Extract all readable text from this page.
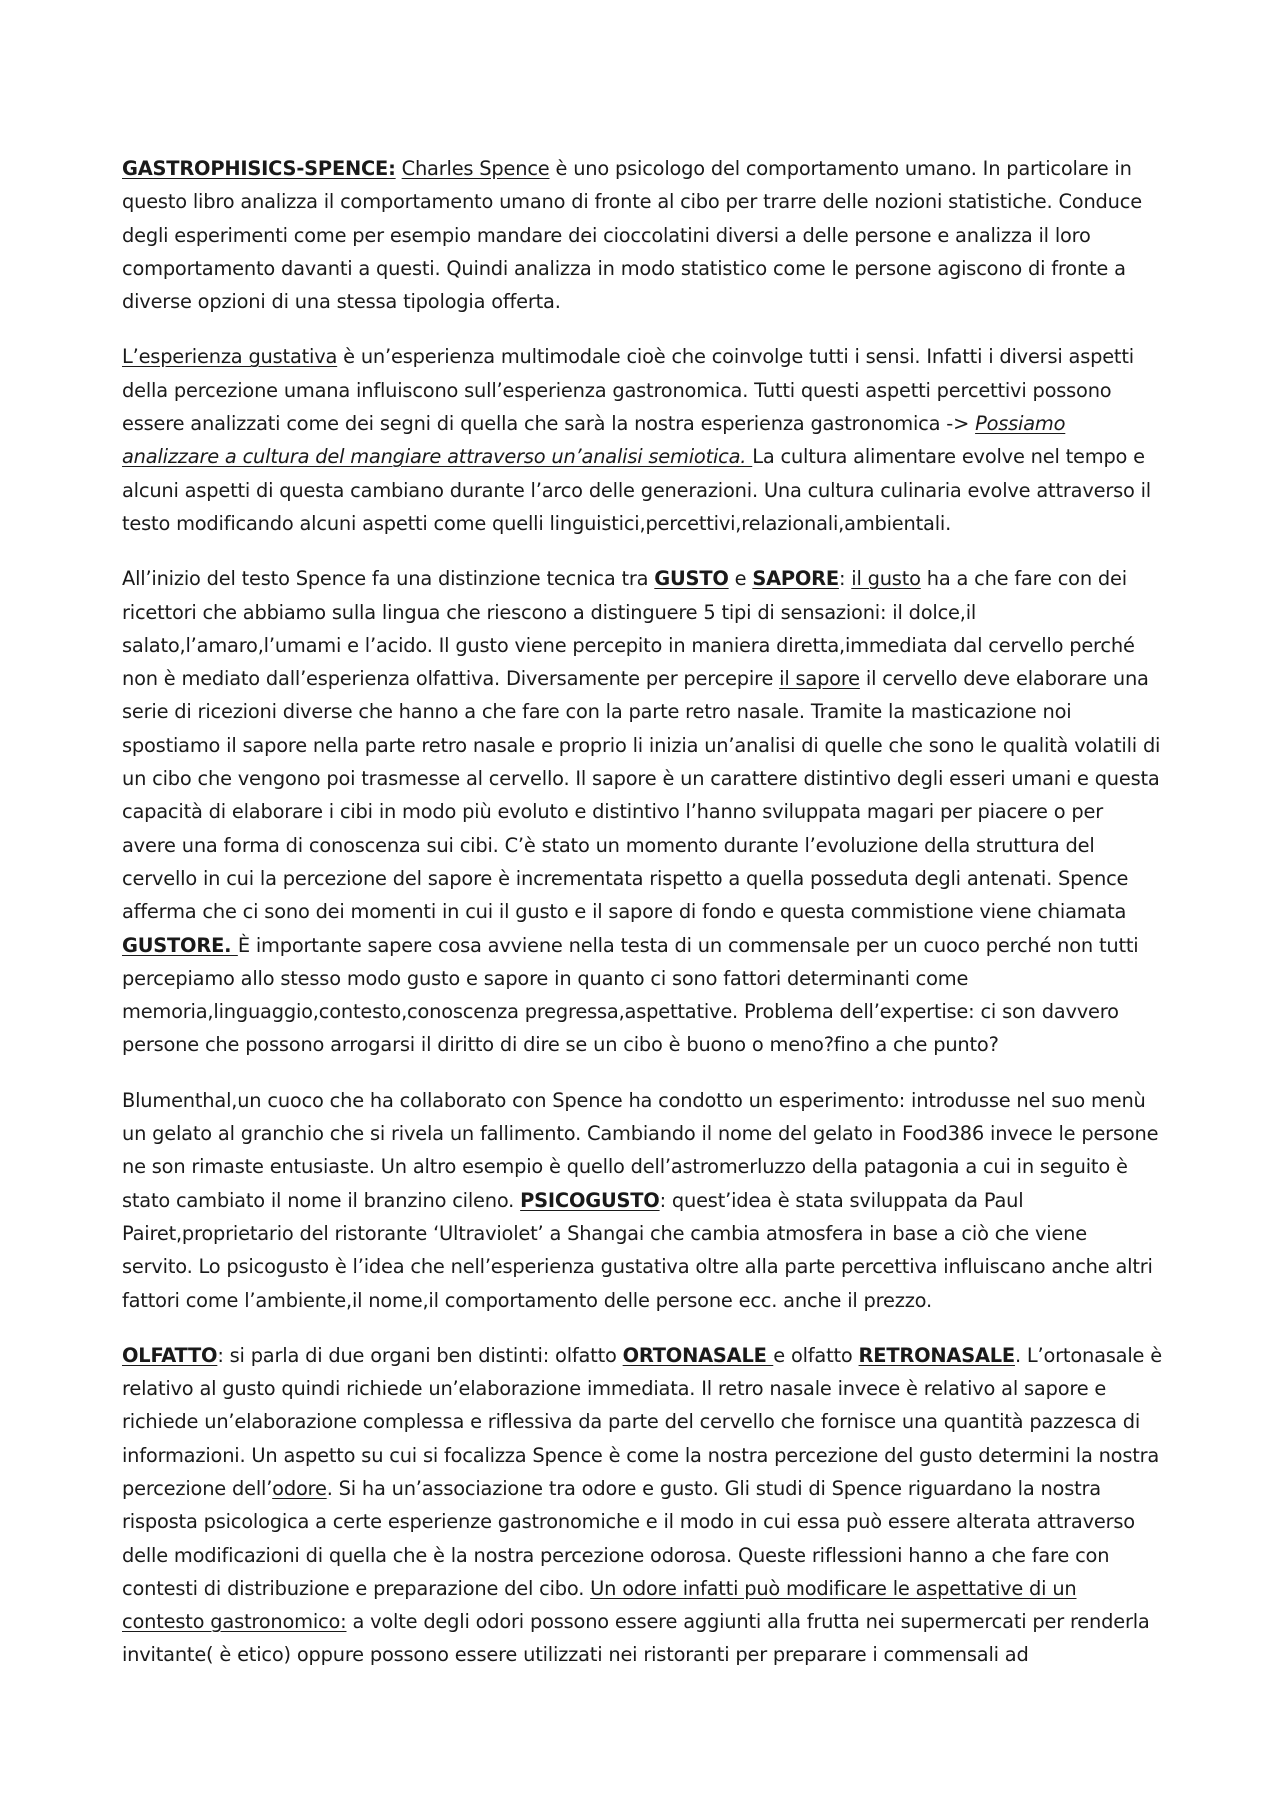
GASTROPHISICS-SPENCE: Charles Spence è uno psicologo del comportamento umano. In particolare in questo libro analizza il comportamento umano di fronte al cibo per trarre delle nozioni statistiche. Conduce degli esperimenti come per esempio mandare dei cioccolatini diversi a delle persone e analizza il loro comportamento davanti a questi. Quindi analizza in modo statistico come le persone agiscono di fronte a diverse opzioni di una stessa tipologia offerta.

L’esperienza gustativa è un’esperienza multimodale cioè che coinvolge tutti i sensi. Infatti i diversi aspetti della percezione umana influiscono sull’esperienza gastronomica. Tutti questi aspetti percettivi possono essere analizzati come dei segni di quella che sarà la nostra esperienza gastronomica -> Possiamo analizzare a cultura del mangiare attraverso un’analisi semiotica. La cultura alimentare evolve nel tempo e alcuni aspetti di questa cambiano durante l’arco delle generazioni. Una cultura culinaria evolve attraverso il testo modificando alcuni aspetti come quelli linguistici,percettivi,relazionali,ambientali.

All’inizio del testo Spence fa una distinzione tecnica tra GUSTO e SAPORE: il gusto ha a che fare con dei ricettori che abbiamo sulla lingua che riescono a distinguere 5 tipi di sensazioni: il dolce,il salato,l’amaro,l’umami e l’acido. Il gusto viene percepito in maniera diretta,immediata dal cervello perché non è mediato dall’esperienza olfattiva. Diversamente per percepire il sapore il cervello deve elaborare una serie di ricezioni diverse che hanno a che fare con la parte retro nasale. Tramite la masticazione noi spostiamo il sapore nella parte retro nasale e proprio li inizia un’analisi di quelle che sono le qualità volatili di un cibo che vengono poi trasmesse al cervello. Il sapore è un carattere distintivo degli esseri umani e questa capacità di elaborare i cibi in modo più evoluto e distintivo l’hanno sviluppata magari per piacere o per avere una forma di conoscenza sui cibi. C’è stato un momento durante l’evoluzione della struttura del cervello in cui la percezione del sapore è incrementata rispetto a quella posseduta degli antenati. Spence afferma che ci sono dei momenti in cui il gusto e il sapore di fondo e questa commistione viene chiamata GUSTORE. È importante sapere cosa avviene nella testa di un commensale per un cuoco perché non tutti percepiamo allo stesso modo gusto e sapore in quanto ci sono fattori determinanti come memoria,linguaggio,contesto,conoscenza pregressa,aspettative. Problema dell’expertise: ci son davvero persone che possono arrogarsi il diritto di dire se un cibo è buono o meno?fino a che punto?

Blumenthal,un cuoco che ha collaborato con Spence ha condotto un esperimento: introdusse nel suo menù un gelato al granchio che si rivela un fallimento. Cambiando il nome del gelato in Food386 invece le persone ne son rimaste entusiaste. Un altro esempio è quello dell’astromerluzzo della patagonia a cui in seguito è stato cambiato il nome il branzino cileno. PSICOGUSTO: quest’idea è stata sviluppata da Paul Pairet,proprietario del ristorante ‘Ultraviolet’ a Shangai che cambia atmosfera in base a ciò che viene servito. Lo psicogusto è l’idea che nell’esperienza gustativa oltre alla parte percettiva influiscano anche altri fattori come l’ambiente,il nome,il comportamento delle persone ecc. anche il prezzo.

OLFATTO: si parla di due organi ben distinti: olfatto ORTONASALE e olfatto RETRONASALE. L’ortonasale è relativo al gusto quindi richiede un’elaborazione immediata. Il retro nasale invece è relativo al sapore e richiede un’elaborazione complessa e riflessiva da parte del cervello che fornisce una quantità pazzesca di informazioni. Un aspetto su cui si focalizza Spence è come la nostra percezione del gusto determini la nostra percezione dell’odore. Si ha un’associazione tra odore e gusto. Gli studi di Spence riguardano la nostra risposta psicologica a certe esperienze gastronomiche e il modo in cui essa può essere alterata attraverso delle modificazioni di quella che è la nostra percezione odorosa. Queste riflessioni hanno a che fare con contesti di distribuzione e preparazione del cibo. Un odore infatti può modificare le aspettative di un contesto gastronomico: a volte degli odori possono essere aggiunti alla frutta nei supermercati per renderla invitante( è etico) oppure possono essere utilizzati nei ristoranti per preparare i commensali ad
